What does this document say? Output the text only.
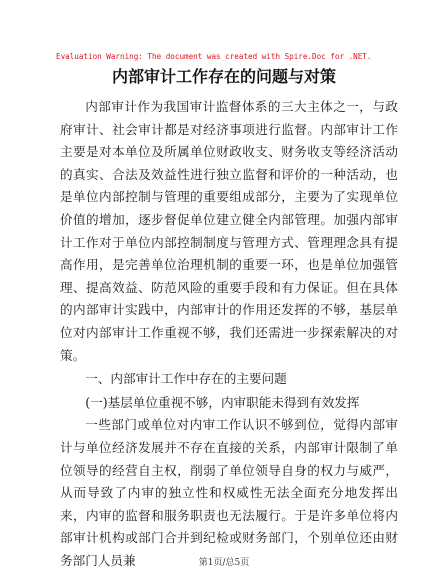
Evaluation Warning: The document was created with Spire.Doc for .NET.
内部审计工作存在的问题与对策

内部审计作为我国审计监督体系的三大主体之一，与政府审计、社会审计都是对经济事项进行监督。内部审计工作主要是对本单位及所属单位财政收支、财务收支等经济活动的真实、合法及效益性进行独立监督和评价的一种活动，也是单位内部控制与管理的重要组成部分，主要为了实现单位价值的增加，逐步督促单位建立健全内部管理。加强内部审计工作对于单位内部控制制度与管理方式、管理理念具有提高作用，是完善单位治理机制的重要一环，也是单位加强管理、提高效益、防范风险的重要手段和有力保证。但在具体的内部审计实践中，内部审计的作用还发挥的不够，基层单位对内部审计工作重视不够，我们还需进一步探索解决的对策。

一、内部审计工作中存在的主要问题

(一)基层单位重视不够，内审职能未得到有效发挥

一些部门或单位对内审工作认识不够到位，觉得内部审计与单位经济发展并不存在直接的关系，内部审计限制了单位领导的经营自主权，削弱了单位领导自身的权力与威严，从而导致了内审的独立性和权威性无法全面充分地发挥出来，内审的监督和服务职责也无法履行。于是许多单位将内部审计机构或部门合并到纪检或财务部门，个别单位还由财务部门人员兼	第1页/总5页
